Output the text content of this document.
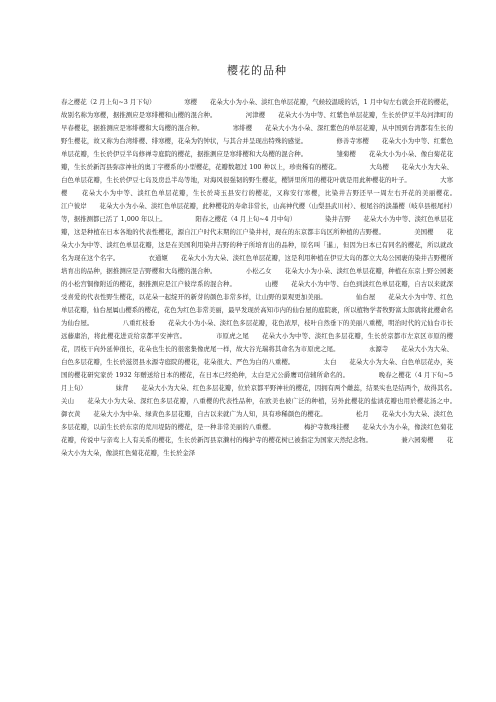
樱花的品种

春之樱花（2 月上旬~3 月下旬）	寒樱　　花朵大小为小朵、淡红色单层花瓣，气候较温暖的话，1 月中旬左右就会开花的樱花，故别名称为寒樱，据推测应是寒绯樱和山樱的混合种。	河津樱　　花朵大小为中等、红紫色单层花瓣，生长於伊豆半岛河津町的早春樱花，据推测应是寒绯樱和大岛樱的混合种。	寒绯樱　　花朵大小为小朵、深红紫色的单层花瓣，从中国到台湾都有生长的野生樱花，故又称为台湾绯樱、绯寒樱，花朵为钓钟状，与其合并呈现出特殊的感觉。	修善寺寒樱　　花朵大小为中等、红紫色单层花瓣，生长於伊豆半岛修禅寺庭院的樱花，据推测应是寒绯樱和大岛樱的混合种。	雏菊樱　　花朵大小为小朵、像白菊花花瓣，生长於新泻县弥彦神社的奥丁字樱系的小型樱花，花瓣数超过 100 种以上，珍贵稀有的樱花。	大岛樱　　花朵大小为大朵、白色单层花瓣，生长於伊豆七岛及房总半岛等地，对海风很强韧的野生樱花，樱饼里所用的樱花叶就是用此种樱花的叶子。	大寒樱　　花朵大小为中等、淡红色单层花瓣，生长於琦玉县安行的樱花，又称安行寒樱，比染井吉野还早一周左右开花的美丽樱花。江户彼岸　　花朵大小为小朵、淡红色单层花瓣，此种樱花的寿命非常长，山高神代樱（山梨县武川村）、根尾谷的淡墨樱（岐阜县根尾村）等，据推测都已活了 1,000 年以上。	阳春之樱花（4 月上旬~4 月中旬）	染井吉野　　花朵大小为中等、淡红色单层花瓣，这是种植在日本各地的代表性樱花，源自江户时代末期的江户染井村，现在的东京都丰岛区所种植的吉野樱。	美国樱　　花朵大小为中等、淡红色单层花瓣，这是在美国利用染井吉野的种子所培育出的品种，原名叫「暹」，但因为日本已有同名的樱花，所以就改名为现在这个名字。	衣通姬　　花朵大小为大朵、淡红色单层花瓣，这是利用种植在伊豆大岛的都立大岛公园裹的染井吉野樱所培育出的品种，据推测应是吉野樱和大岛樱的混合种。	小松乙女　　花朵大小为小朵、淡红色单层花瓣，种植在东京上野公园裹的小松宫铜像附近的樱花，据推测应是江户彼岸系的混合种。	山樱　　花朵大小为中等、白色到淡红色单层花瓣，自古以来就深受喜爱的代表性野生樱花，以花朵一起绽开的新芽的颜色非常多样，让山野的景观更加美丽。	仙台屋　　花朵大小为中等、红色单层花瓣，仙台屋属山樱系的樱花，花色为红色非常美丽，最早发现於高知市内的仙台屋的庭院裹，所以植物学者牧野富太郎就将此樱命名为仙台屋。	八重红枝垂　　花朵大小为小朵、淡红色多层花瓣，花色浓厚，枝叶自然垂下的美丽八重樱，明治时代的元仙台市长远藤庸治，将此樱花进贡给京都平安神宫。	市原虎之尾　　花朵大小为中等、淡红色多层花瓣，生长於京都市左京区市原的樱花，因枝干向外延伸很长，花朵也生长的很密集像虎尾一样，故大谷光瑞将其命名为市原虎之尾。	永源寺　　花朵大小为大朵、白色多层花瓣，生长於滋贺县永源寺庭院的樱花，花朵很大、严色为白的八重樱。	太白　　花朵大小为大朵、白色单层花办，英国的樱花研究家於 1932 年赠送给日本的樱花，在日本已经绝种，太白是元公爵鹰司信辅所命名的。	晚春之樱花（4 月下旬~5 月上旬）	妹背　　花朵大小为大朵、红色多层花瓣，位於京都平野神社的樱花，因拥有两个雌蕊，结果实也是结两个，故得其名。关山　　花朵大小为大朵、深红色多层花瓣，八重樱的代表性品种，在欧美也被广泛的种植，另外此樱花的盐渍花瓣也用於樱花汤之中。御衣黄　　花朵大小为中朵、绿黄色多层花瓣，自古以来就广为人知，具有珍稀颜色的樱花。	松月　　花朵大小为大朵、淡红色多层花瓣，以前生长於东京的荒川堤防的樱花，是一种非常美丽的八重樱。	梅护寺数珠挂樱　　花朵大小为小朵，像淡红色菊花花瓣，传说中与亲鸾上人有关系的樱花，生长於新泻县京濑村的梅护寺的樱花树已被指定为国家天然纪念物。	兼六园菊樱　　花朵大小为大朵，像淡红色菊花花瓣，生长於金泽
